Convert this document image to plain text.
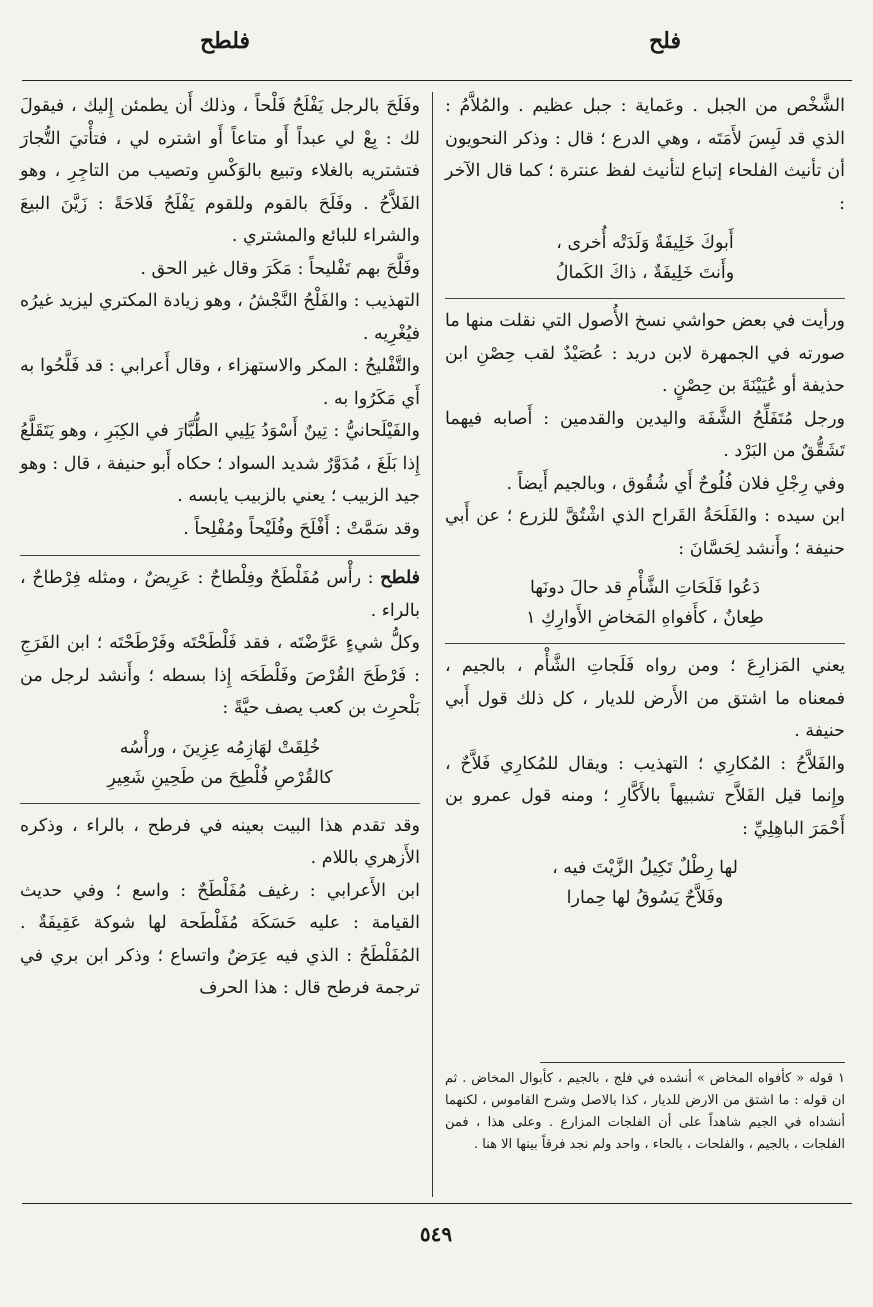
فلح
فلطح

الشَّخْص من الجبل . وعَماية : جبل عظيم . والمُلاَّمُ : الذي قد لَبِسَ لأَمَتَه ، وهي الدرع ؛ قال : وذكر النحويون أن تأنيث الفلحاء إتباع لتأنيث لفظ عنترة ؛ كما قال الآخر :

أَبوكَ خَلِيفَةٌ وَلَدَتْه أُخرى ،
وأَنتَ خَلِيفَةٌ ، ذاكَ الكَمالُ

ورأيت في بعض حواشي نسخ الأُصول التي نقلت منها ما صورته في الجمهرة لابن دريد : عُصَيْدٌ لقب حِصْنِ ابن حذيفة أو عُيَيْنَةَ بن حِصْنٍ .

ورجل مُتَفَلِّحُ الشَّفَة واليدين والقدمين : أَصابه فيهما تَشَقُّقٌ من البَرْد .

وفي رِجْلِ فلان فُلُوحٌ أَي شُقُوق ، وبالجيم أَيضاً .

ابن سيده : والفَلَحَةُ القَراح الذي اشْتُقَّ للزرع ؛ عن أَبي حنيفة ؛ وأَنشد لِحَسَّانَ :

دَعُوا فَلَحَاتِ الشَّأْمِ قد حالَ دونَها
طِعانٌ ، كأَفواهِ المَخاضِ الأَوارِكِ ١

يعني المَزارِعَ ؛ ومن رواه فَلَجاتِ الشَّأْم ، بالجيم ، فمعناه ما اشتق من الأَرض للديار ، كل ذلك قول أَبي حنيفة .

والفَلاَّحُ : المُكارِي ؛ التهذيب : ويقال للمُكارِي فَلاَّحٌ ، وإِنما قيل الفَلاَّح تشبيهاً بالأَكَّارِ ؛ ومنه قول عمرو بن أَحْمَرَ الباهِلِيِّ :

لها رِطْلٌ تَكِيلُ الزَّيْتَ فيه ،
وفَلاَّحٌ يَسُوقُ لها حِمارا
١ قوله « كأفواه المخاض » أنشده في فلج ، بالجيم ، كأبوال المخاض . ثم ان قوله : ما اشتق من الارض للديار ، كذا بالاصل وشرح القاموس ، لكنهما أنشداه في الجيم شاهداً على أن الفلجات المزارع . وعلى هذا ، فمن الفلجات ، بالجيم ، والفلحات ، بالحاء ، واحد ولم نجد فرقاً بينها الا هنا .

وفَلَحَ بالرجل يَفْلَحُ فَلْحاً ، وذلك أَن يطمئن إِليك ، فيقولَ لك : بِعْ لي عبداً أَو متاعاً أَو اشتره لي ، فتأْتيَ التُّجارَ فتشتريه بالغلاء وتبيع بالوَكْسِ وتصيب من التاجِرِ ، وهو الفَلاَّحُ . وفَلَحَ بالقوم وللقوم يَفْلَحُ فَلاحَةً : زَيَّنَ البيعَ والشراء للبائع والمشتري .

وفَلَّحَ بهم تَفْليحاً : مَكَرَ وقال غير الحق .

التهذيب : والفَلْحُ النَّجْشُ ، وهو زيادة المكتري ليزيد غيرُه فيُغْرِيه .

والتَّفْليحُ : المكر والاستهزاء ، وقال أَعرابي : قد فَلَّحُوا به أَي مَكَرُوا به .

والفَيْلَحانيُّ : تِينٌ أَسْوَدُ يَلِيي الطُّبَّارَ في الكِبَرِ ، وهو يَتَقَلَّعُ إِذا بَلَغَ ، مُدَوَّرٌ شديد السواد ؛ حكاه أَبو حنيفة ، قال : وهو جيد الزبيب ؛ يعني بالزبيب يابسه .

وقد سَمَّتْ : أَفْلَحَ وفُلَيْحاً ومُفْلِحاً .

فلطح : رأْس مُفَلْطَحٌ وفِلْطاحٌ : عَرِيضٌ ، ومثله فِرْطاحٌ ، بالراء .

وكلُّ شيءٍ عَرَّضْتَه ، فقد فَلْطَحْتَه وفَرْطَحْتَه ؛ ابن الفَرَجِ : فَرْطَحَ القُرْصَ وفَلْطَحَه إِذا بسطه ؛ وأَنشد لرجل من بَلْحرِث بن كعب يصف حيَّةً :

خُلِقَتْ لهَازِمُه عِزِينَ ، ورأْسُه
كالقُرْصِ فُلْطِحَ من طَحِينِ شَعِيرِ

وقد تقدم هذا البيت بعينه في فرطح ، بالراء ، وذكره الأَزهري باللام .

ابن الأَعرابي : رغيف مُفَلْطَحٌ : واسع ؛ وفي حديث القيامة : عليه حَسَكَة مُفَلْطَحة لها شوكة عَقِيفَةٌ . المُفَلْطَحُ : الذي فيه عِرَضٌ واتساع ؛ وذكر ابن بري في ترجمة فرطح قال : هذا الحرف

٥٤٩
